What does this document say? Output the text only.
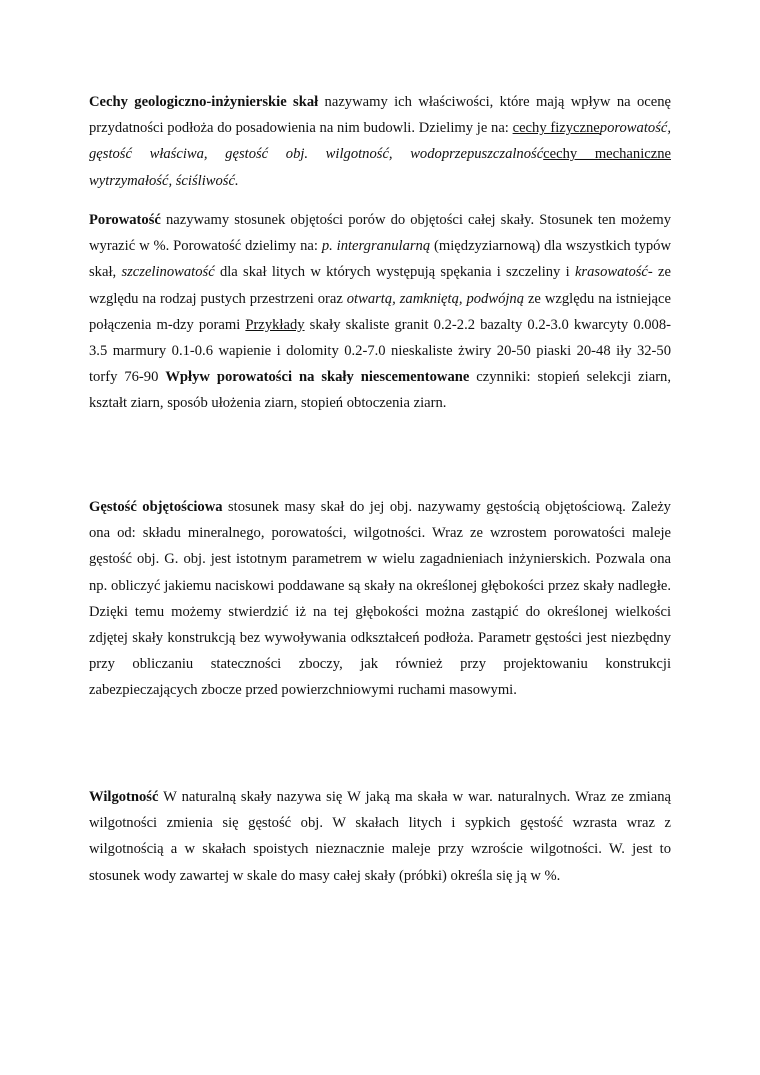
Cechy geologiczno-inżynierskie skał nazywamy ich właściwości, które mają wpływ na ocenę przydatności podłoża do posadowienia na nim budowli. Dzielimy je na: cechy fizyczneporowatość, gęstość właściwa, gęstość obj. wilgotność, wodoprzepuszczalnośćcechy mechaniczne wytrzymałość, ściśliwość.

Porowatość nazywamy stosunek objętości porów do objętości całej skały. Stosunek ten możemy wyrazić w %. Porowatość dzielimy na: p. intergranularną (międzyziarnową) dla wszystkich typów skał, szczelinowatość dla skał litych w których występują spękania i szczeliny i krasowatość- ze względu na rodzaj pustych przestrzeni oraz otwartą, zamkniętą, podwójną ze względu na istniejące połączenia m-dzy porami Przykłady skały skaliste granit 0.2-2.2 bazalty 0.2-3.0 kwarcyty 0.008-3.5 marmury 0.1-0.6 wapienie i dolomity 0.2-7.0 nieskaliste żwiry 20-50 piaski 20-48 iły 32-50 torfy 76-90 Wpływ porowatości na skały niescementowane czynniki: stopień selekcji ziarn, kształt ziarn, sposób ułożenia ziarn, stopień obtoczenia ziarn.

Gęstość objętościowa stosunek masy skał do jej obj. nazywamy gęstością objętościową. Zależy ona od: składu mineralnego, porowatości, wilgotności. Wraz ze wzrostem porowatości maleje gęstość obj. G. obj. jest istotnym parametrem w wielu zagadnieniach inżynierskich. Pozwala ona np. obliczyć jakiemu naciskowi poddawane są skały na określonej głębokości przez skały nadległe. Dzięki temu możemy stwierdzić iż na tej głębokości można zastąpić do określonej wielkości zdjętej skały konstrukcją bez wywoływania odkształceń podłoża. Parametr gęstości jest niezbędny przy obliczaniu stateczności zboczy, jak również przy projektowaniu konstrukcji zabezpieczających zbocze przed powierzchniowymi ruchami masowymi.

Wilgotność W naturalną skały nazywa się W jaką ma skała w war. naturalnych. Wraz ze zmianą wilgotności zmienia się gęstość obj. W skałach litych i sypkich gęstość wzrasta wraz z wilgotnością a w skałach spoistych nieznacznie maleje przy wzroście wilgotności. W. jest to stosunek wody zawartej w skale do masy całej skały (próbki) określa się ją w %.
